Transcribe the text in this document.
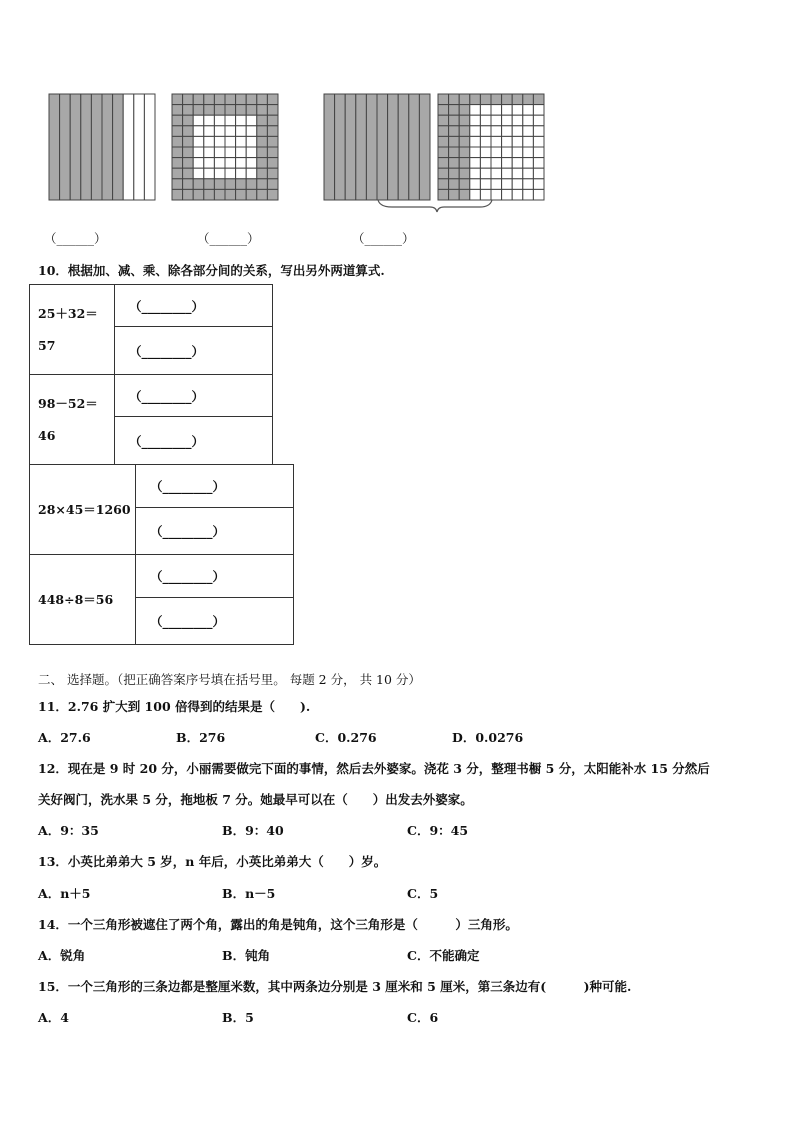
（______）	（______）	（______）
10．根据加、减、乘、除各部分间的关系，写出另外两道算式.
25＋32＝
57	（________）
	（________）

98－52＝
46	（________）
	（________）
28×45＝1260	（________）
	（________）
448÷8＝56	（________）
	（________）
二、 选择题。（把正确答案序号填在括号里。 每题 2 分， 共 10 分）
11．2.76 扩大到 100 倍得到的结果是（　　).
A．27.6	B．276	C．0.276	D．0.0276
12．现在是 9 时 20 分，小丽需要做完下面的事情，然后去外婆家。浇花 3 分，整理书橱 5 分，太阳能补水 15 分然后
关好阀门，洗水果 5 分，拖地板 7 分。她最早可以在（　　）出发去外婆家。
A．9：35	B．9：40	C．9：45
13．小英比弟弟大 5 岁，n 年后，小英比弟弟大（　　）岁。
A．n＋5	B．n－5	C．5
14．一个三角形被遮住了两个角，露出的角是钝角，这个三角形是（　　　）三角形。
A．锐角	B．钝角	C．不能确定
15．一个三角形的三条边都是整厘米数，其中两条边分别是 3 厘米和 5 厘米，第三条边有(　　　)种可能.
A．4	B．5	C．6
